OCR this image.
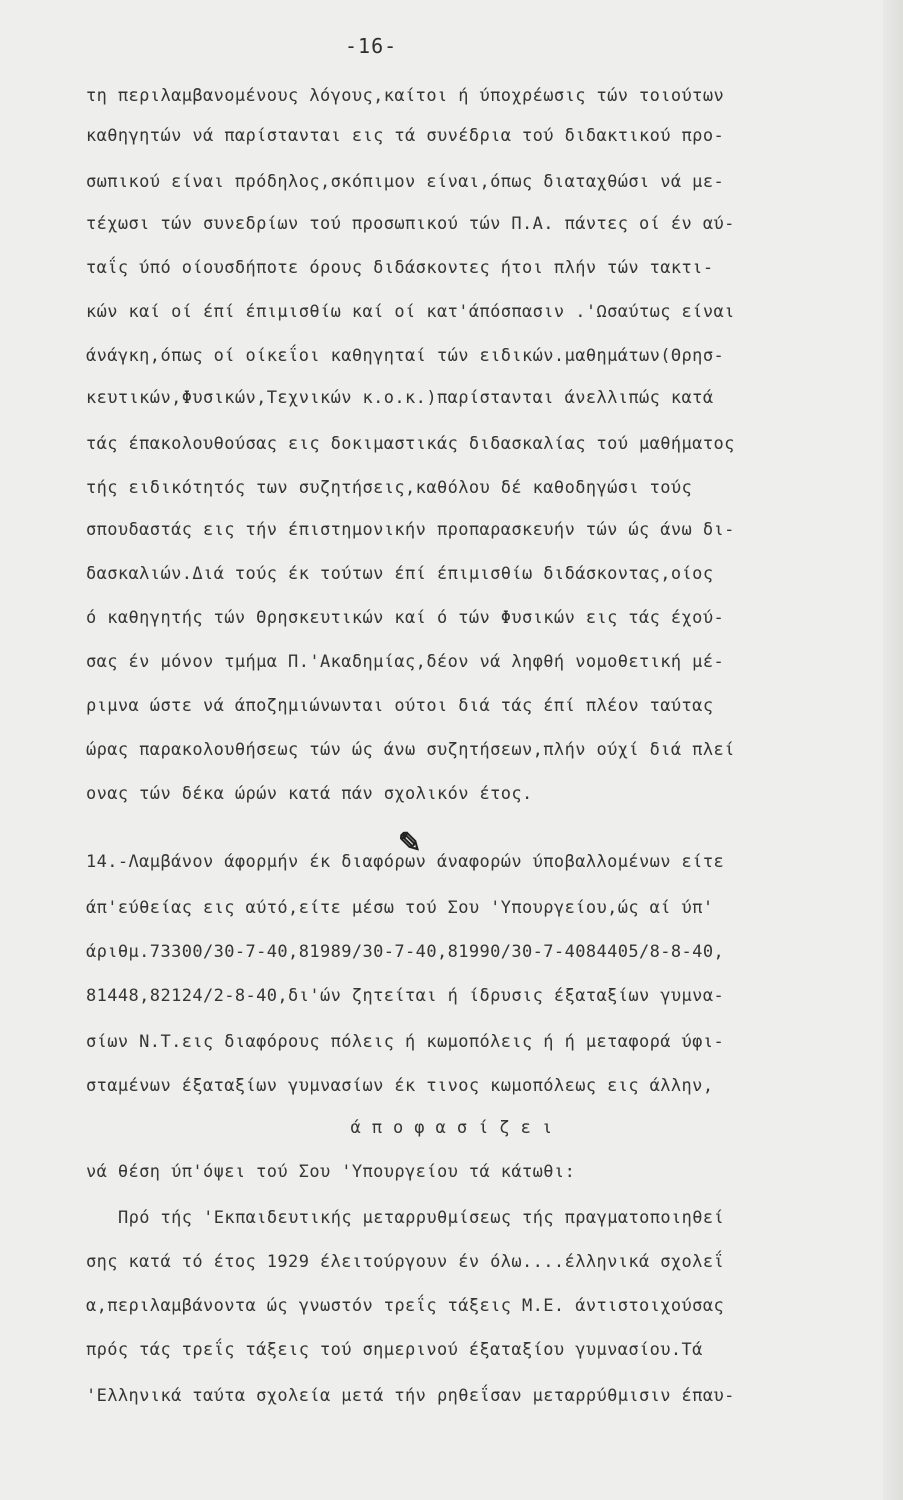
-16-
τη περιλαμβανομένους λόγους,καίτοι ή ύποχρέωσις τών τοιούτων
καθηγητών νά παρίστανται εις τά συνέδρια τού διδακτικού προ-
σωπικού είναι πρόδηλος,σκόπιμον είναι,όπως διαταχθώσι νά με-
τέχωσι τών συνεδρίων τού προσωπικού τών Π.Α. πάντες οί έν αύ-
ταΐς ύπό οίουσδήποτε όρους διδάσκοντες ήτοι πλήν τών τακτι-
κών καί οί έπί έπιμισθίω καί οί κατ'άπόσπασιν .'Ωσαύτως είναι
άνάγκη,όπως οί οίκεΐοι καθηγηταί τών ειδικών.μαθημάτων(Θρησ-
κευτικών,Φυσικών,Τεχνικών κ.ο.κ.)παρίστανται άνελλιπώς κατά
τάς έπακολουθούσας εις δοκιμαστικάς διδασκαλίας τού μαθήματος
τής ειδικότητός των συζητήσεις,καθόλου δέ καθοδηγώσι τούς
σπουδαστάς εις τήν έπιστημονικήν προπαρασκευήν τών ώς άνω δι-
δασκαλιών.Διά τούς έκ τούτων έπί έπιμισθίω διδάσκοντας,οίος
ό καθηγητής τών Θρησκευτικών καί ό τών Φυσικών εις τάς έχού-
σας έν μόνον τμήμα Π.'Ακαδημίας,δέον νά ληφθή νομοθετική μέ-
ριμνα ώστε νά άποζημιώνωνται ούτοι διά τάς έπί πλέον ταύτας
ώρας παρακολουθήσεως τών ώς άνω συζητήσεων,πλήν ούχί διά πλεί
ονας τών δέκα ώρών κατά πάν σχολικόν έτος.
✎
14.-Λαμβάνον άφορμήν έκ διαφόρων άναφορών ύποβαλλομένων είτε
άπ'εύθείας εις αύτό,είτε μέσω τού Σου 'Υπουργείου,ώς αί ύπ'
άριθμ.73300/30-7-40,81989/30-7-40,81990/30-7-4084405/8-8-40,
81448,82124/2-8-40,δι'ών ζητείται ή ίδρυσις έξαταξίων γυμνα-
σίων Ν.Τ.εις διαφόρους πόλεις ή κωμοπόλεις ή ή μεταφορά ύφι-
σταμένων έξαταξίων γυμνασίων έκ τινος κωμοπόλεως εις άλλην,
ά π ο φ α σ ί ζ ε ι
νά θέση ύπ'όψει τού Σου 'Υπουργείου τά κάτωθι:
Πρό τής 'Εκπαιδευτικής μεταρρυθμίσεως τής πραγματοποιηθεί
σης κατά τό έτος 1929 έλειτούργουν έν όλω....έλληνικά σχολεΐ
α,περιλαμβάνοντα ώς γνωστόν τρεΐς τάξεις Μ.Ε. άντιστοιχούσας
πρός τάς τρεΐς τάξεις τού σημερινού έξαταξίου γυμνασίου.Τά
'Ελληνικά ταύτα σχολεία μετά τήν ρηθεΐσαν μεταρρύθμισιν έπαυ-
